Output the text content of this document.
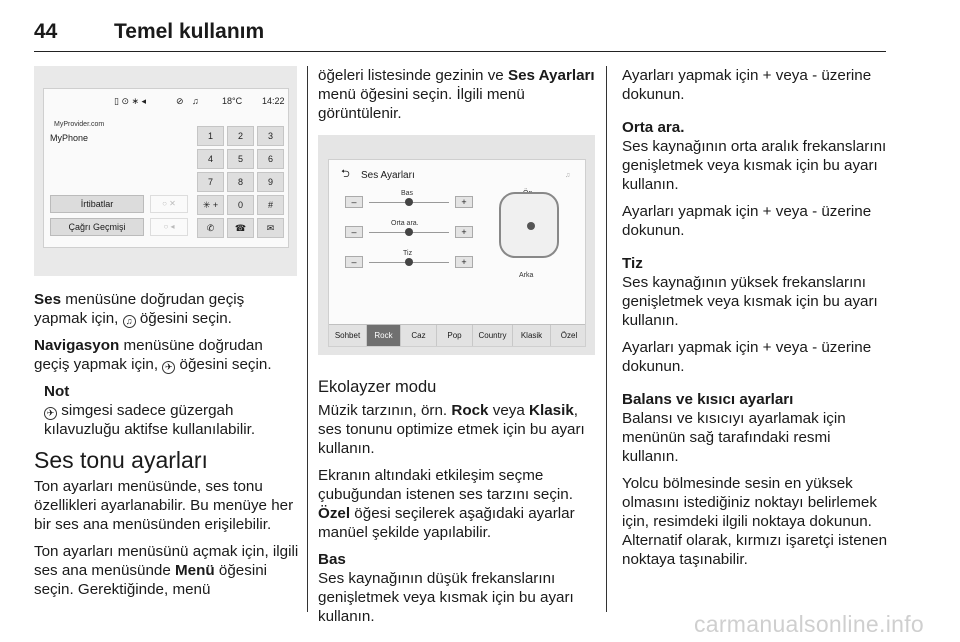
44	Temel kullanım
▯ ⊙ ∗ ◂	⊘ ♫	18°C 14:22
MyProvider.com
MyPhone	1	2	3
4	5	6
7	8	9
✳ +	0	#
✆	☎	✉
İrtibatlar	○ ✕
Çağrı Geçmişi	○ ◂

Ses menüsüne doğrudan geçiş yapmak için, ♫ öğesini seçin.

Navigasyon menüsüne doğrudan geçiş yapmak için, ✈ öğesini seçin.

Not

✈ simgesi sadece güzergah kılavuzluğu aktifse kullanılabilir.

Ses tonu ayarları

Ton ayarları menüsünde, ses tonu özellikleri ayarlanabilir. Bu menüye her bir ses ana menüsünden erişilebilir.

Ton ayarları menüsünü açmak için, ilgili ses ana menüsünde Menü öğesini seçin. Gerektiğinde, menü

öğeleri listesinde gezinin ve Ses Ayarları menü öğesini seçin. İlgili menü görüntülenir.

⮌ Ses Ayarları	♫
Bas
–	+
Orta ara.
–	+
Tiz
–	+
Arka
Sohbet	Rock	Caz	Pop	Country	Klasik	Özel
Ekolayzer modu

Müzik tarzının, örn. Rock veya Klasik, ses tonunu optimize etmek için bu ayarı kullanın.

Ekranın altındaki etkileşim seçme çubuğundan istenen ses tarzını seçin. Özel öğesi seçilerek aşağıdaki ayarlar manüel şekilde yapılabilir.

Bas

Ses kaynağının düşük frekanslarını genişletmek veya kısmak için bu ayarı kullanın.

Ayarları yapmak için + veya - üzerine dokunun.

Orta ara.

Ses kaynağının orta aralık frekanslarını genişletmek veya kısmak için bu ayarı kullanın.

Ayarları yapmak için + veya - üzerine dokunun.

Tiz

Ses kaynağının yüksek frekanslarını genişletmek veya kısmak için bu ayarı kullanın.

Ayarları yapmak için + veya - üzerine dokunun.

Balans ve kısıcı ayarları

Balansı ve kısıcıyı ayarlamak için menünün sağ tarafındaki resmi kullanın.

Yolcu bölmesinde sesin en yüksek olmasını istediğiniz noktayı belirlemek için, resimdeki ilgili noktaya dokunun. Alternatif olarak, kırmızı işaretçi istenen noktaya taşınabilir.

carmanualsonline.info
